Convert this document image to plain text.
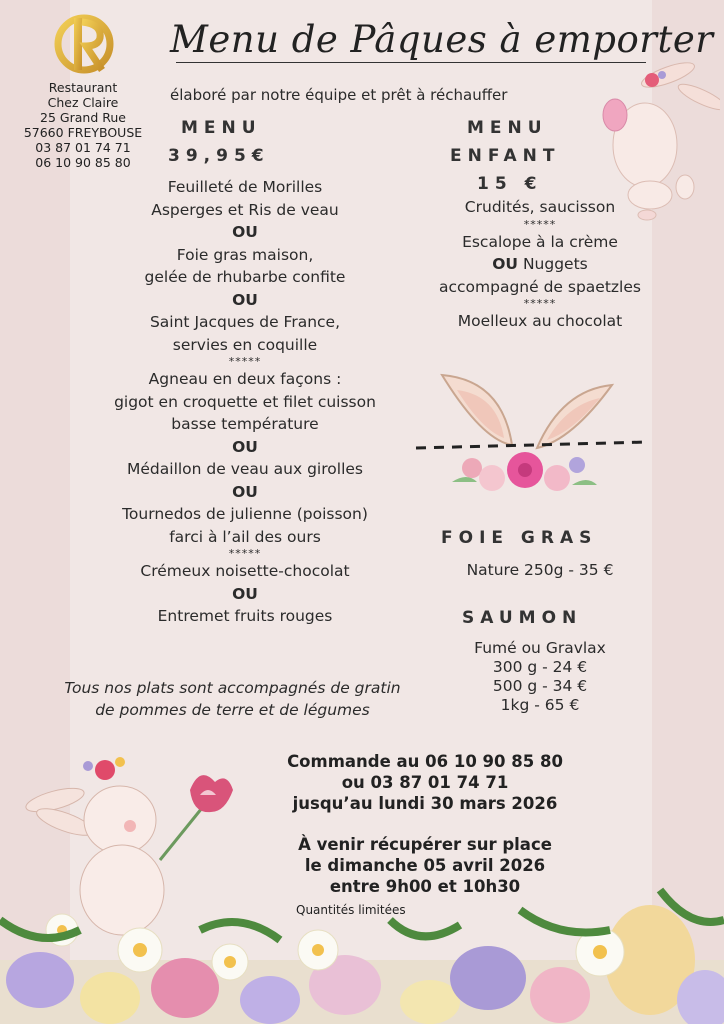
Restaurant
Chez Claire
25 Grand Rue
57660 FREYBOUSE
03 87 01 74 71
06 10 90 85 80
Menu de Pâques à emporter
élaboré par notre équipe et prêt à réchauffer
MENU
39,95€
Feuilleté de Morilles
Asperges et Ris de veau
OU
Foie gras maison,
gelée de rhubarbe confite
OU
Saint Jacques de France,
servies en coquille
*****
Agneau en deux façons :
gigot en croquette et filet cuisson
basse température
OU
Médaillon de veau aux girolles
OU
Tournedos de julienne (poisson)
farci à l’ail des ours
*****
Crémeux noisette-chocolat
OU
Entremet fruits rouges
Tous nos plats sont accompagnés de gratin de pommes de terre et de légumes
MENU
ENFANT
15 €
Crudités, saucisson
*****
Escalope à la crème
OU Nuggets
accompagné de spaetzles
*****
Moelleux au chocolat
FOIE GRAS
Nature 250g - 35 €
SAUMON
Fumé ou Gravlax
300 g - 24 €
500 g - 34 €
1kg - 65 €
Commande au 06 10 90 85 80
ou 03 87 01 74 71
jusqu’au lundi 30 mars 2026
À venir récupérer sur place
le dimanche 05 avril 2026
entre 9h00 et 10h30
Quantités limitées
